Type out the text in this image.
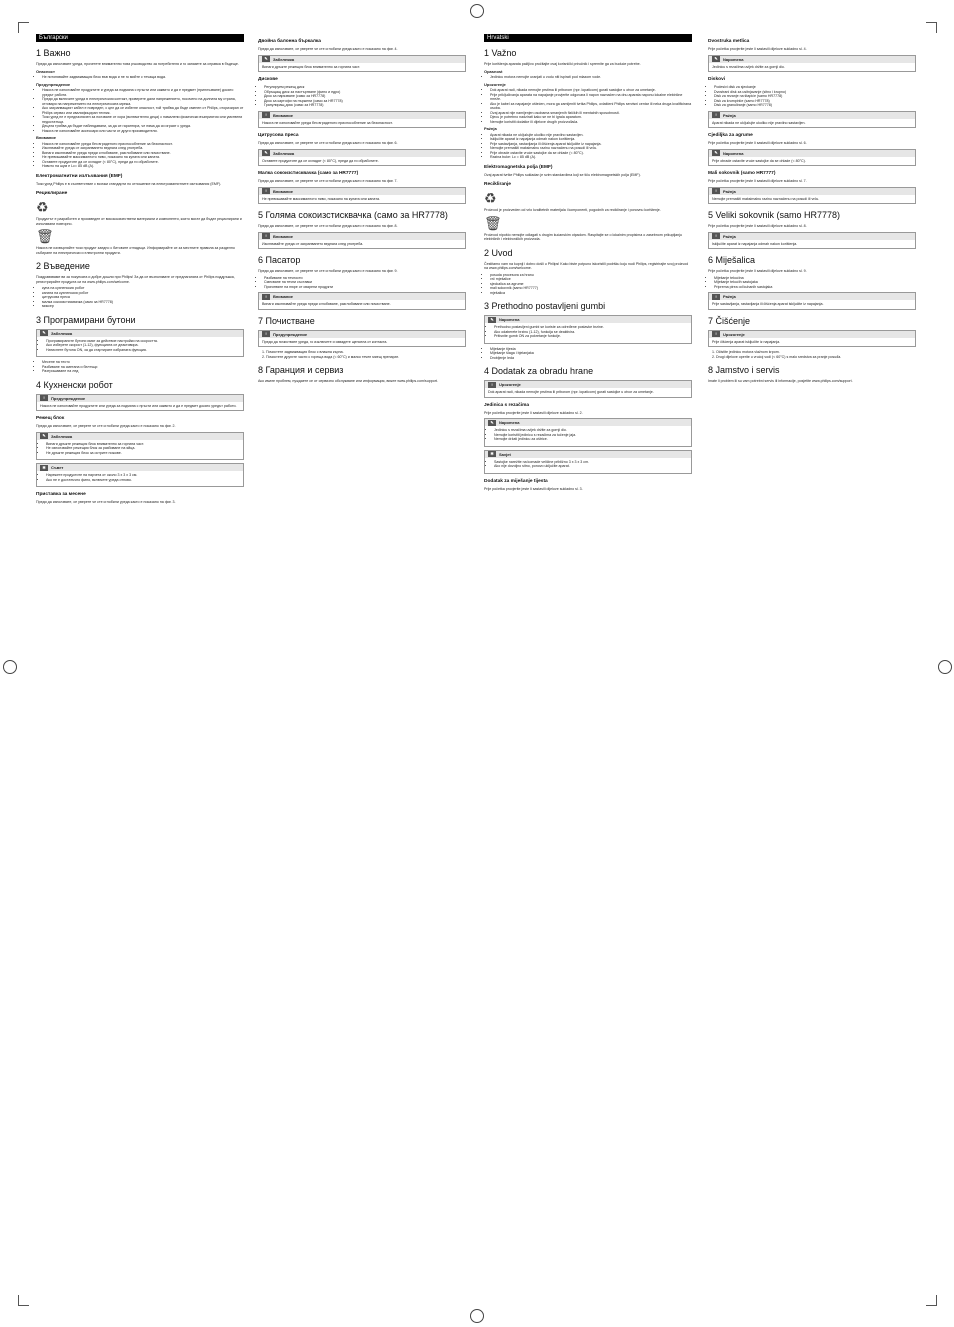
Български
1 Важно

Преди да използвате уреда, прочетете внимателно това ръководство за потребителя и го запазете за справка в бъдеще.

Опасност
• Не потопявайте задвижващия блок във вода и не го мийте с течаща вода.
Предупреждение
• Никога не използвайте продуктите и уреда за подмяна с пръсти или каквито и да е предмет (приплъзване) докато уредът работи.
• Преди да включите уреда в електрическия контакт, проверете дали напрежението, посочено на долната му страна, отговаря на напрежението на електрическата мрежа.
• Ако захранващият кабел е повреден, с цел да се избегне опасност, той трябва да бъде сменен от Philips, оторизиран от Philips сервиз или квалифициран техник.
• Този уред не е предназначен за ползване от хора (включително деца) с намалени физически възприятия или умствени недостатъци.
• Децата трябва да бъдат наблюдавани, за да се гарантира, че няма да си играят с уреда.
• Никога не използвайте аксесоари или части от други производители.
Внимание
• Никога не използвайте уреда без вграденото приспособление за безопасност.
• Изключвайте уреда от захранването веднага след употреба.
• Винаги изключвайте уреда преди сглобяване, разглобяване или почистване.
• Не превишавайте максималното ниво, показано на купата или каната.
• Оставете продуктите да се охладят (< 80°C), преди да ги обработите.
• Нивото на шум е Lc= 85 dB (A).
Електромагнитни излъчвания (EMF)

Този уред Philips е в съответствие с всички стандарти по отношение на електромагнитните излъчвания (EMF).

Рециклиране
♻

Продуктът е разработен и произведен от висококачествени материали и компоненти, които могат да бъдат рециклирани и използвани повторно.

🗑

Никога не изхвърляйте този продукт заедно с битовите отпадъци. Информирайте се за местните правила за разделно събиране на електрически и електронни продукти.

2 Въведение

Поздравяваме ви за покупката и добре дошли при Philips! За да се възползвате от предлаганата от Philips поддръжка, регистрирайте продукта си на www.philips.com/welcome.

• купа на кухненския робот
• каната на кухненския робот
• цитрусова преса
• малка сокоизстисквачка (само за HR7778)
• миксер
3 Програмирани бутони
✎	Забележка
• Програмираните бутони имат за действие настройки на скоростта.
• Ако изберете скорост (1-12), функцията се деактивира.
• Натиснете бутона ON, за да стартирате избраната функция.
• Месене на тесто
• Разбиване на сметана и белтъци
• Разтрошаване на лед
4 Кухненски робот
!	Предупреждение
Никога не използвайте продуктите или уреда за подмяна с пръсти или каквито и да е предмет докато уредът работи.
Режещ блок

Преди да използвате, се уверете че сте сглобили уреда както е показано на фиг. 2.

✎	Забележка
• Винаги дръжте режещия блок внимателно за горната част.
• Не използвайте режещия блок за разбиване на яйца.
• Не дръжте режещия блок за острите ножове.
✱	Съвет
• Нарежете продуктите на парчета от около 3 x 3 x 3 см.
• Ако не е достатъчно фино, включете уреда отново.
Приставка за месене

Преди да използвате, се уверете че сте сглобили уреда както е показано на фиг. 3.

Двойна балонна бъркалка

Преди да използвате, се уверете че сте сглобили уреда както е показано на фиг. 4.

✎	Забележка
Винаги дръжте режещия блок внимателно за горната част.
Дискове
• Регулируем режещ диск
• Обръщащ диск за настъргване (фино и едро)
• Диск за нарязване (само за HR7778)
• Диск за картофи на пържени (само за HR7778)
• Гранулиращ диск (само за HR7778)
!	Внимание
Никога не използвайте уреда без вграденото приспособление за безопасност.
Цитрусова преса

Преди да използвате, се уверете че сте сглобили уреда както е показано на фиг. 6.

✎	Забележка
Оставете продуктите да се охладят (< 80°C), преди да ги обработите.
Малка сокоизстисквачка (само за HR7777)

Преди да използвате, се уверете че сте сглобили уреда както е показано на фиг. 7.

!	Внимание
Не превишавайте максималното ниво, показано на купата или каната.
5 Голяма сокоизстисквачка (само за HR7778)

Преди да използвате, се уверете че сте сглобили уреда както е показано на фиг. 8.

!	Внимание
Изключвайте уреда от захранването веднага след употреба.
6 Пасатор

Преди да използвате, се уверете че сте сглобили уреда както е показано на фиг. 9.

• Разбиване на течности
• Смесване на течни съставки
• Приготвяне на пюре от сварени продукти
!	Внимание
Винаги изключвайте уреда преди сглобяване, разглобяване или почистване.
7 Почистване
!	Предупреждение
Преди да почиствате уреда, го изключете и извадете щепсела от контакта.
1. Почистете задвижващия блок с влажна кърпа.
2. Почистете другите части с гореща вода (< 60°C) и малко течен миещ препарат.
8 Гаранция и сервиз

Ако имате проблем, нуждаете се от сервизно обслужване или информация, вижте www.philips.com/support.

Hrvatski
1 Važno

Prije korištenja aparata pažljivo pročitajte ovaj korisnički priručnik i spremite ga za buduće potrebe.

Opasnost
• Jedinicu motora nemojte uranjati u vodu niti ispirati pod mlazom vode.
Upozorenje
• Dok aparat radi, nikada nemojte prstima ili priborom (npr. lopaticom) gurati sastojke u otvor za umetanje.
• Prije priključivanja aparata na napajanje provjerite odgovara li napon naznačen na dnu aparata naponu lokalne električne mreže.
• Ako je kabel za napajanje oštećen, mora ga zamijeniti tvrtka Philips, ovlašteni Philips servisni centar ili neka druga kvalificirana osoba.
• Ovaj aparat nije namijenjen osobama smanjenih fizičkih ili mentalnih sposobnosti.
• Djecu je potrebno nadzirati kako se ne bi igrala aparatom.
• Nemojte koristiti dodatke ili dijelove drugih proizvođača.
Pažnja
• Aparat nikada ne uključujte ukoliko nije pravilno sastavljen.
• Isključite aparat iz napajanja odmah nakon korištenja.
• Prije sastavljanja, rastavljanja ili čišćenja aparat isključite iz napajanja.
• Nemojte premašiti maksimalnu razinu naznačenu na posudi ili vrču.
• Prije obrade ostavite vruće sastojke da se ohlade (< 80°C).
• Razina buke: Lc = 85 dB (A).
Elektromagnetska polja (EMF)

Ovaj aparat tvrtke Philips sukladan je svim standardima koji se tiču elektromagnetskih polja (EMF).

Recikliranje
♻

Proizvod je proizveden od vrlo kvalitetnih materijala i komponenti, pogodnih za recikliranje i ponovnu korištenje.

🗑

Proizvod nipošto nemojte odlagati s drugim kućanskim otpadom. Raspitajte se o lokalnim propisima o zasebnom prikupljanju električnih i elektroničkih proizvoda.

2 Uvod

Čestitamo vam na kupnji i dobro došli u Philips! Kako biste potpuno iskoristili podršku koju nudi Philips, registrirajte svoj proizvod na www.philips.com/welcome.

• posuda procesora za hranu
• vrč mješalice
• sjeckalica za agrume
• mali sokovnik (samo HR7777)
• mješalica
3 Prethodno postavljeni gumbi
✎	Napomena
• Prethodno postavljeni gumbi se koriste za određene postavke brzine.
• Ako odaberete brzinu (1-12), funkcija se deaktivira.
• Pritisnite gumb ON za pokretanje funkcije.
• Miješanje tijesta
• Miješanje šlaga i bjelanjaka
• Drobljenje leda
4 Dodatak za obradu hrane
!	Upozorenje
Dok aparat radi, nikada nemojte prstima ili priborom (npr. lopaticom) gurati sastojke u otvor za umetanje.
Jedinica s rezačima

Prije početka provjerite jeste li sastavili dijelove sukladno sl. 2.

✎	Napomena
• Jedinicu s rezačima uvijek držite za gornji dio.
• Nemojte koristiti jedinicu s rezačima za tučenje jaja.
• Nemojte držati jedinicu za oštrice.
✱	Savjet
• Sastojke narežite na komade veličine približno 3 x 3 x 3 cm.
• Ako nije dovoljno sitno, ponovo uključite aparat.
Dodatak za miješanje tijesta

Prije početka provjerite jeste li sastavili dijelove sukladno sl. 3.

Dvostruka metlica

Prije početka provjerite jeste li sastavili dijelove sukladno sl. 4.

✎	Napomena
Jedinicu s rezačima uvijek držite za gornji dio.
Diskovi
• Podesivi disk za sjeckanje
• Dvostrani disk za usitnjavanje (sitno i krupno)
• Disk za rezanje na štapiće (samo HR7778)
• Disk za krumpiriće (samo HR7778)
• Disk za granuliranje (samo HR7778)
!	Pažnja
Aparat nikada ne uključujte ukoliko nije pravilno sastavljen.
Cjediljka za agrume

Prije početka provjerite jeste li sastavili dijelove sukladno sl. 6.

✎	Napomena
Prije obrade ostavite vruće sastojke da se ohlade (< 80°C).
Mali sokovnik (samo HR7777)

Prije početka provjerite jeste li sastavili dijelove sukladno sl. 7.

!	Pažnja
Nemojte premašiti maksimalnu razinu naznačenu na posudi ili vrču.
5 Veliki sokovnik (samo HR7778)

Prije početka provjerite jeste li sastavili dijelove sukladno sl. 8.

!	Pažnja
Isključite aparat iz napajanja odmah nakon korištenja.
6 Miješalica

Prije početka provjerite jeste li sastavili dijelove sukladno sl. 9.

• Miješanje tekućina
• Miješanje tekućih sastojaka
• Priprema pirea od kuhanih sastojaka
!	Pažnja
Prije sastavljanja, rastavljanja ili čišćenja aparat isključite iz napajanja.
7 Čišćenje
!	Upozorenje
Prije čišćenja aparat isključite iz napajanja.
1. Očistite jedinicu motora vlažnom krpom.
2. Drugi dijelove operite u vrućoj vodi (< 60°C) s malo sredstva za pranje posuđa.
8 Jamstvo i servis

Imate li problem ili su vam potrebni servis ili informacije, posjetite www.philips.com/support.
